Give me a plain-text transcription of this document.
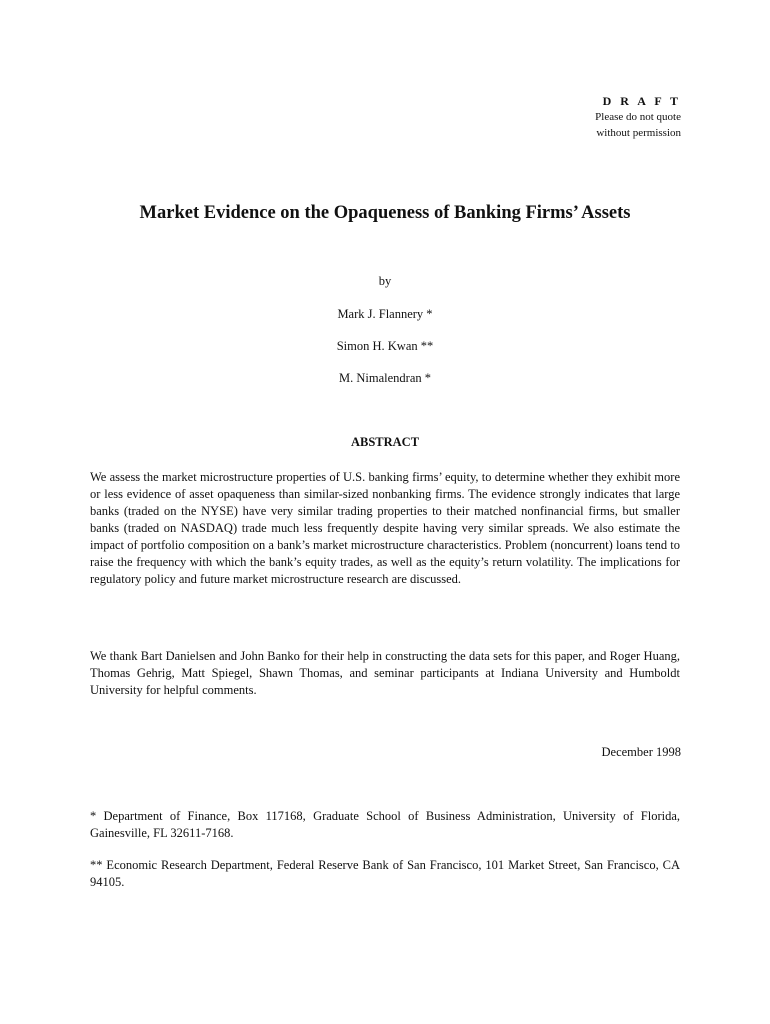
D R A F T
Please do not quote
without permission
Market Evidence on the Opaqueness of Banking Firms’ Assets
by
Mark J. Flannery *
Simon H. Kwan **
M. Nimalendran *
ABSTRACT
We assess the market microstructure properties of U.S. banking firms’ equity, to determine whether they exhibit more or less evidence of asset opaqueness than similar-sized nonbanking firms. The evidence strongly indicates that large banks (traded on the NYSE) have very similar trading properties to their matched nonfinancial firms, but smaller banks (traded on NASDAQ) trade much less frequently despite having very similar spreads. We also estimate the impact of portfolio composition on a bank’s market microstructure characteristics. Problem (noncurrent) loans tend to raise the frequency with which the bank’s equity trades, as well as the equity’s return volatility. The implications for regulatory policy and future market microstructure research are discussed.
We thank Bart Danielsen and John Banko for their help in constructing the data sets for this paper, and Roger Huang, Thomas Gehrig, Matt Spiegel, Shawn Thomas, and seminar participants at Indiana University and Humboldt University for helpful comments.
December 1998
* Department of Finance, Box 117168, Graduate School of Business Administration, University of Florida, Gainesville, FL 32611-7168.
** Economic Research Department, Federal Reserve Bank of San Francisco, 101 Market Street, San Francisco, CA 94105.
